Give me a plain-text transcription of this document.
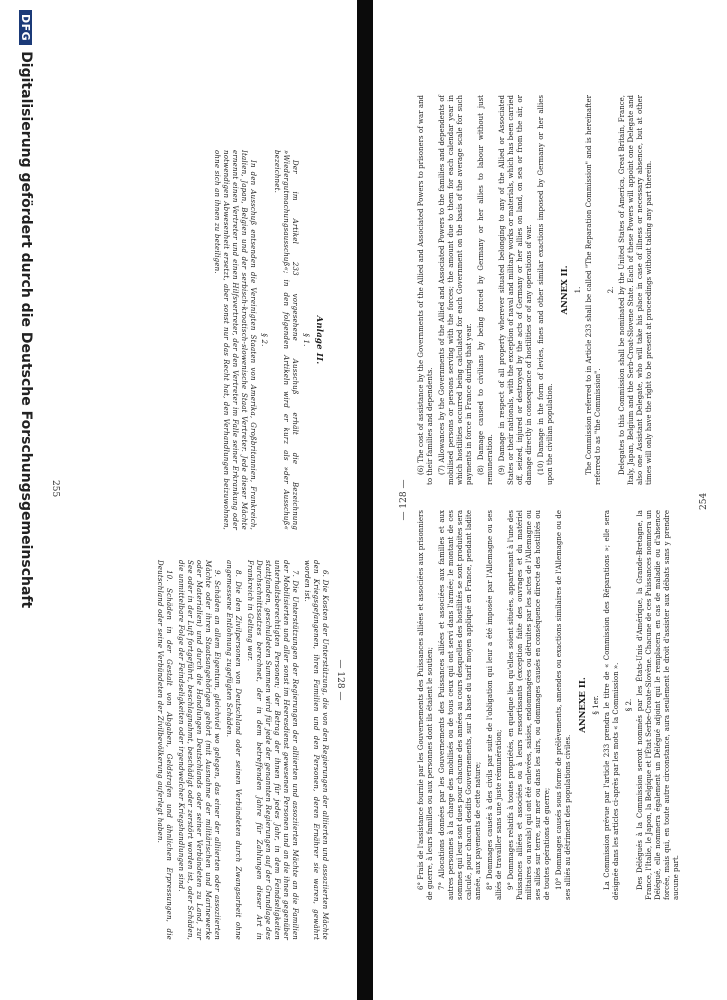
— 128 —

6° Frais de l'assistance fournie par les Gouvernements des Puissances alliées et associées aux prisonniers de guerre, à leurs familles ou aux personnes dont ils étaient le soutien; 7° Allocations données par les Gouvernements des Puissances alliées et associées aux familles et aux autres personnes à la charge des mobilisés ou de tous ceux qui ont servi dans l'armée; le montant de ces sommes qui leur sont dues pour chacune des années au cours desquelles des hostilités se sont produites sera calculé, pour chacun desdits Gouvernements, sur la base du tarif moyen appliqué en France, pendant ladite année, aux payements de cette nature; 8° Dommages causés à des civils par suite de l'obligation qui leur a été imposée par l'Allemagne ou ses alliés de travailler sans une juste rémunération; 9° Dommages relatifs à toutes propriétés, en quelque lieu qu'elles soient situées, appartenant à l'une des Puissances alliées et associées ou à leurs ressortissants (exception faite des ouvrages et du matériel militaires ou navals) qui ont été enlevées, saisies, endommagées ou détruites par les actes de l'Allemagne ou ses alliés sur terre, sur mer ou dans les airs, ou dommages causés en conséquence directe des hostilités ou de toutes opérations de guerre; 10° Dommages causés sous forme de prélèvements, amendes ou exactions similaires de l'Allemagne ou de ses alliés au détriment des populations civiles.

ANNEXE II. § 1er. La Commission prévue par l'article 233 prendra le titre de « Commission des Réparations »; elle sera désignée dans les articles ci-après par les mots « la Commission ». § 2. Des Délégués à la Commission seront nommés par les États-Unis d'Amérique, la Grande-Bretagne, la France, l'Italie, le Japon, la Belgique et l'État Serbe-Croate-Slovène. Chacune de ces Puissances nommera un Délégué, elle nommera également un Délégué adjoint qui le remplacera en cas de maladie ou d'absence forcée, mais qui, en toute autre circonstance, aura seulement le droit d'assister aux débats sans y prendre aucune part.

(6) The cost of assistance by the Governments of the Allied and Associated Powers to prisoners of war and to their families and dependents. (7) Allowances by the Governments of the Allied and Associated Powers to the families and dependents of mobilised persons or persons serving with the forces; the amount due to them for each calendar year in which hostilities occurred being calculated for each Government on the basis of the average scale for such payments in force in France during that year. (8) Damage caused to civilians by being forced by Germany or her allies to labour without just remuneration. (9) Damage in respect of all property wherever situated belonging to any of the Allied or Associated States or their nationals, with the exception of naval and military works or materials, which has been carried off, seized, injured or destroyed by the acts of Germany or her allies on land, on sea or from the air, or damage directly in consequence of hostilities or of any operations of war. (10) Damage in the form of levies, fines and other similar exactions imposed by Germany or her allies upon the civilian population.

ANNEX II. 1. The Commission referred to in Article 233 shall be called "The Reparation Commission" and is hereinafter referred to as "the Commission".

2. Delegates to this Commission shall be nominated by the United States of America, Great Britain, France, Italy, Japan, Belgium and the Serb-Croat-Slovene State. Each of these Powers will appoint one Delegate and also one Assistant Delegate, who will take his place in case of illness or necessary absence, but at other times will only have the right to be present at proceedings without taking any part therein.

254
— 128 —

6. Die Kosten der Unterstützung, die von den Regierungen der alliierten und assoziierten Mächte den Kriegsgefangenen, ihren Familien und den Personen, deren Ernährer sie waren, gewährt worden ist.

7. Die Unterstützungen der Regierungen der alliierten und assoziierten Mächte an die Familien der Mobilisierten und aller sonst im Heeresdienst gewesenen Personen und an die ihnen gegenüber unterhaltsberechtigten Personen; der Betrag der ihnen für jedes Jahr, in dem Feindseligkeiten stattfanden, geschuldeten Summen wird für jede der genannten Regierungen auf der Grundlage des Durchschnittssatzes berechnet, der in dem betreffenden Jahre für Zahlungen dieser Art in Frankreich in Geltung war.

8. Die den Zivilpersonen von Deutschland oder seinen Verbündeten durch Zwangsarbeit ohne angemessene Entlohnung zugefügten Schäden.

9. Schäden an allem Eigentum, gleichviel wo gelegen, das einer der alliierten oder assoziierten Mächte oder ihren Staatsangehörigen gehört (mit Ausnahme der militärischen und Marinewerke oder Materialien) und durch die Handlungen Deutschlands oder seiner Verbündeten zu Land, zur See oder in der Luft fortgeführt, beschlagnahmt, beschädigt oder zerstört worden ist, oder Schäden, die unmittelbare Folge der Feindseligkeiten oder irgendwelcher Kriegshandlungen sind.

10. Schäden in der Gestalt von Abgaben, Geldstrafen und ähnlichen Erpressungen, die Deutschland oder seine Verbündeten der Zivilbevölkerung auferlegt haben.

Anlage II.
§ 1.

Der im Artikel 233 vorgesehene Ausschuß erhält die Bezeichnung »Wiedergutmachungsausschuß«; in den folgenden Artikeln wird er kurz als »der Ausschuß« bezeichnet.

§ 2.

In den Ausschuß entsenden die Vereinigten Staaten von Amerika, Großbritannien, Frankreich, Italien, Japan, Belgien und der serbisch-kroatisch-slowenische Staat Vertreter. Jede dieser Mächte ernennt einen Vertreter und einen Hilfsvertreter, der den Vertreter im Falle seiner Erkrankung oder notwendigen Abwesenheit ersetzt, aber sonst nur das Recht hat, den Verhandlungen beizuwohnen, ohne sich an ihnen zu beteiligen.

255
DFGDigitalisierung gefördert durch die Deutsche Forschungsgemeinschaft
